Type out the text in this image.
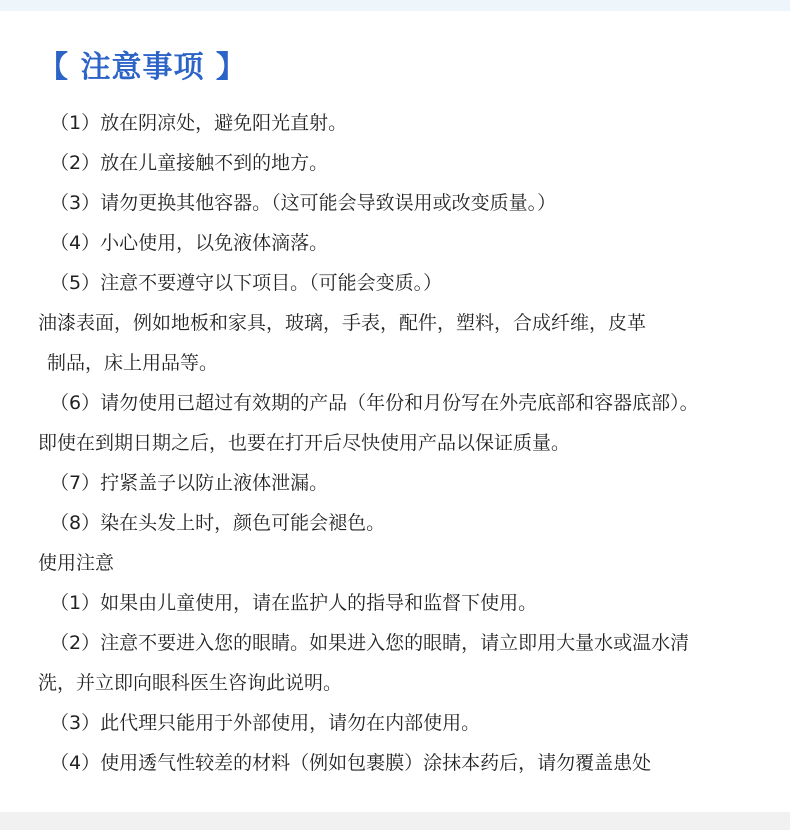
【 注意事项 】
（1）放在阴凉处，避免阳光直射。
（2）放在儿童接触不到的地方。
（3）请勿更换其他容器。（这可能会导致误用或改变质量。）
（4）小心使用，以免液体滴落。
（5）注意不要遵守以下项目。（可能会变质。）
油漆表面，例如地板和家具，玻璃，手表，配件，塑料，合成纤维，皮革
制品，床上用品等。
（6）请勿使用已超过有效期的产品（年份和月份写在外壳底部和容器底部）。
即使在到期日期之后，也要在打开后尽快使用产品以保证质量。
（7）拧紧盖子以防止液体泄漏。
（8）染在头发上时，颜色可能会褪色。
使用注意
（1）如果由儿童使用，请在监护人的指导和监督下使用。
（2）注意不要进入您的眼睛。如果进入您的眼睛，请立即用大量水或温水清
洗，并立即向眼科医生咨询此说明。
（3）此代理只能用于外部使用，请勿在内部使用。
（4）使用透气性较差的材料（例如包裹膜）涂抹本药后，请勿覆盖患处
